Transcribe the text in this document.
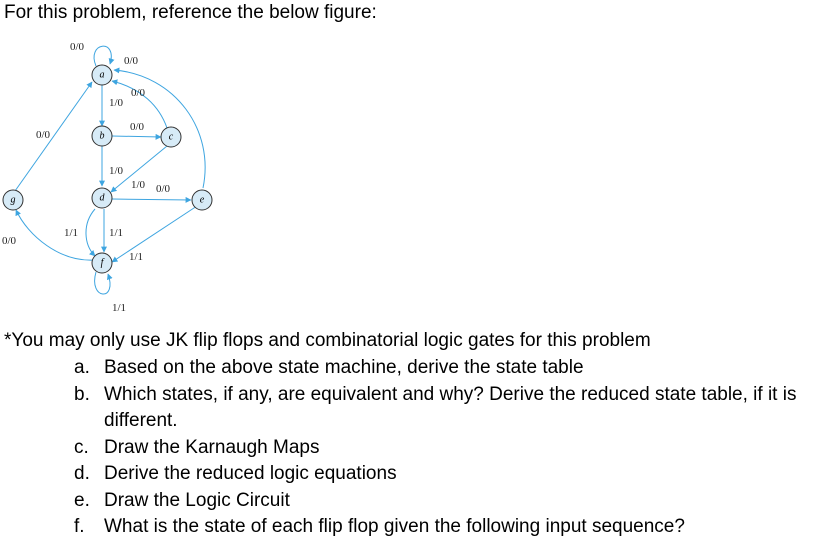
For this problem, reference the below figure:
a
b	c
d	e
f
g
0/0
0/0
0/0
1/0
0/0
0/0
1/0
1/0 0/0
0/0
1/1	1/1
1/1
1/1
*You may only use JK flip flops and combinatorial logic gates for this problem
a. Based on the above state machine, derive the state table
b. Which states, if any, are equivalent and why? Derive the reduced state table, if it is different.
c. Draw the Karnaugh Maps
d. Derive the reduced logic equations
e. Draw the Logic Circuit
f.	What is the state of each flip flop given the following input sequence?
